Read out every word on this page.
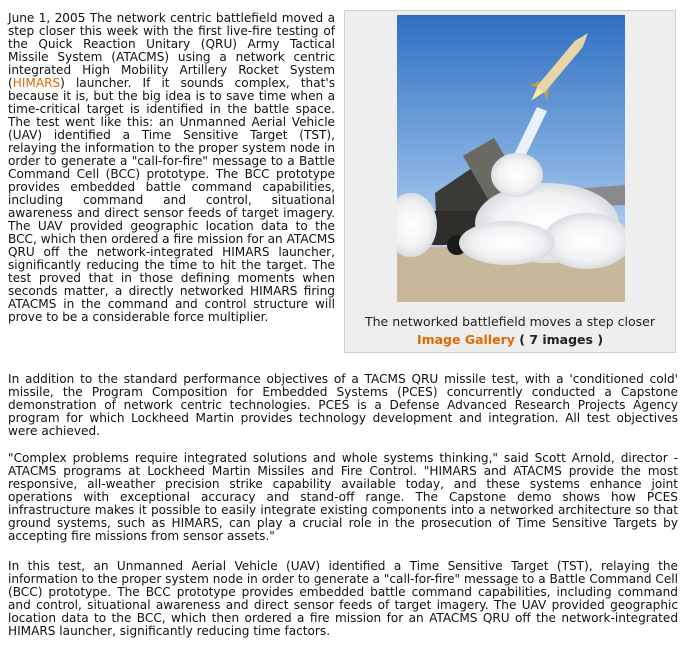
June 1, 2005 The network centric battlefield moved a step closer this week with the first live-fire testing of the Quick Reaction Unitary (QRU) Army Tactical Missile System (ATACMS) using a network centric integrated High Mobility Artillery Rocket System (HIMARS) launcher. If it sounds complex, that's because it is, but the big idea is to save time when a time-critical target is identified in the battle space. The test went like this: an Unmanned Aerial Vehicle (UAV) identified a Time Sensitive Target (TST), relaying the information to the proper system node in order to generate a "call-for-fire" message to a Battle Command Cell (BCC) prototype. The BCC prototype provides embedded battle command capabilities, including command and control, situational awareness and direct sensor feeds of target imagery. The UAV provided geographic location data to the BCC, which then ordered a fire mission for an ATACMS QRU off the network-integrated HIMARS launcher, significantly reducing the time to hit the target. The test proved that in those defining moments when seconds matter, a directly networked HIMARS firing ATACMS in the command and control structure will prove to be a considerable force multiplier.	The networked battlefield moves a step closer
Image Gallery ( 7 images )

In addition to the standard performance objectives of a TACMS QRU missile test, with a 'conditioned cold' missile, the Program Composition for Embedded Systems (PCES) concurrently conducted a Capstone demonstration of network centric technologies. PCES is a Defense Advanced Research Projects Agency program for which Lockheed Martin provides technology development and integration. All test objectives were achieved.

"Complex problems require integrated solutions and whole systems thinking," said Scott Arnold, director - ATACMS programs at Lockheed Martin Missiles and Fire Control. "HIMARS and ATACMS provide the most responsive, all-weather precision strike capability available today, and these systems enhance joint operations with exceptional accuracy and stand-off range. The Capstone demo shows how PCES infrastructure makes it possible to easily integrate existing components into a networked architecture so that ground systems, such as HIMARS, can play a crucial role in the prosecution of Time Sensitive Targets by accepting fire missions from sensor assets."

In this test, an Unmanned Aerial Vehicle (UAV) identified a Time Sensitive Target (TST), relaying the information to the proper system node in order to generate a "call-for-fire" message to a Battle Command Cell (BCC) prototype. The BCC prototype provides embedded battle command capabilities, including command and control, situational awareness and direct sensor feeds of target imagery. The UAV provided geographic location data to the BCC, which then ordered a fire mission for an ATACMS QRU off the network-integrated HIMARS launcher, significantly reducing time factors.
